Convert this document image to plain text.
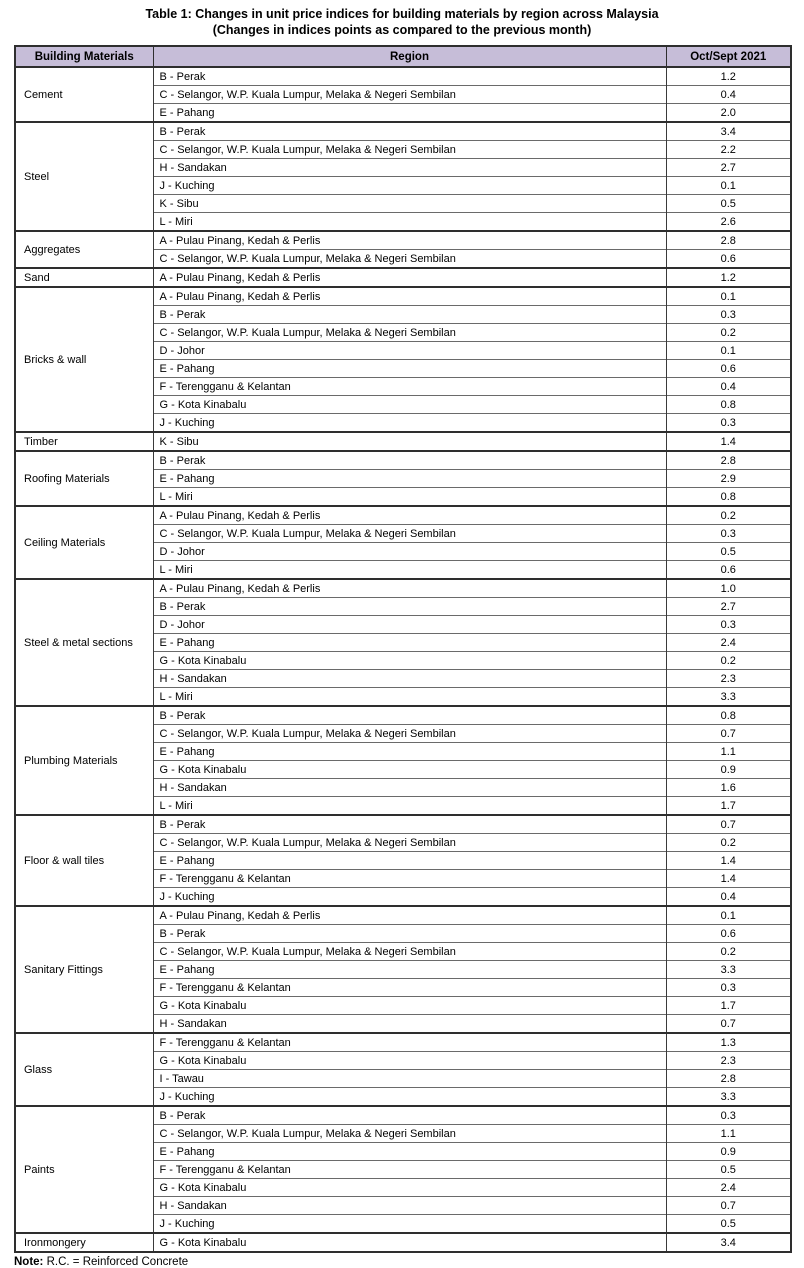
Table 1: Changes in unit price indices for building materials by region across Malaysia
(Changes in indices points as compared to the previous month)
Building Materials	Region	Oct/Sept 2021
Cement	B - Perak	1.2
	C - Selangor, W.P. Kuala Lumpur, Melaka & Negeri Sembilan	0.4
	E - Pahang	2.0
Steel	B - Perak	3.4
	C - Selangor, W.P. Kuala Lumpur, Melaka & Negeri Sembilan	2.2
	H - Sandakan	2.7
	J - Kuching	0.1
	K - Sibu	0.5
	L - Miri	2.6
Aggregates	A - Pulau Pinang, Kedah & Perlis	2.8
	C - Selangor, W.P. Kuala Lumpur, Melaka & Negeri Sembilan	0.6
Sand	A - Pulau Pinang, Kedah & Perlis	1.2
Bricks & wall	A - Pulau Pinang, Kedah & Perlis	0.1
	B - Perak	0.3
	C - Selangor, W.P. Kuala Lumpur, Melaka & Negeri Sembilan	0.2
	D - Johor	0.1
	E - Pahang	0.6
	F - Terengganu & Kelantan	0.4
	G - Kota Kinabalu	0.8
	J - Kuching	0.3
Timber	K - Sibu	1.4
Roofing Materials	B - Perak	2.8
	E - Pahang	2.9
	L - Miri	0.8
Ceiling Materials	A - Pulau Pinang, Kedah & Perlis	0.2
	C - Selangor, W.P. Kuala Lumpur, Melaka & Negeri Sembilan	0.3
	D - Johor	0.5
	L - Miri	0.6
Steel & metal sections	A - Pulau Pinang, Kedah & Perlis	1.0
	B - Perak	2.7
	D - Johor	0.3
	E - Pahang	2.4
	G - Kota Kinabalu	0.2
	H - Sandakan	2.3
	L - Miri	3.3
Plumbing Materials	B - Perak	0.8
	C - Selangor, W.P. Kuala Lumpur, Melaka & Negeri Sembilan	0.7
	E - Pahang	1.1
	G - Kota Kinabalu	0.9
	H - Sandakan	1.6
	L - Miri	1.7
Floor & wall tiles	B - Perak	0.7
	C - Selangor, W.P. Kuala Lumpur, Melaka & Negeri Sembilan	0.2
	E - Pahang	1.4
	F - Terengganu & Kelantan	1.4
	J - Kuching	0.4
Sanitary Fittings	A - Pulau Pinang, Kedah & Perlis	0.1
	B - Perak	0.6
	C - Selangor, W.P. Kuala Lumpur, Melaka & Negeri Sembilan	0.2
	E - Pahang	3.3
	F - Terengganu & Kelantan	0.3
	G - Kota Kinabalu	1.7
	H - Sandakan	0.7
Glass	F - Terengganu & Kelantan	1.3
	G - Kota Kinabalu	2.3
	I - Tawau	2.8
	J - Kuching	3.3
Paints	B - Perak	0.3
	C - Selangor, W.P. Kuala Lumpur, Melaka & Negeri Sembilan	1.1
	E - Pahang	0.9
	F - Terengganu & Kelantan	0.5
	G - Kota Kinabalu	2.4
	H - Sandakan	0.7
	J - Kuching	0.5
Ironmongery	G - Kota Kinabalu	3.4
Note: R.C. = Reinforced Concrete
